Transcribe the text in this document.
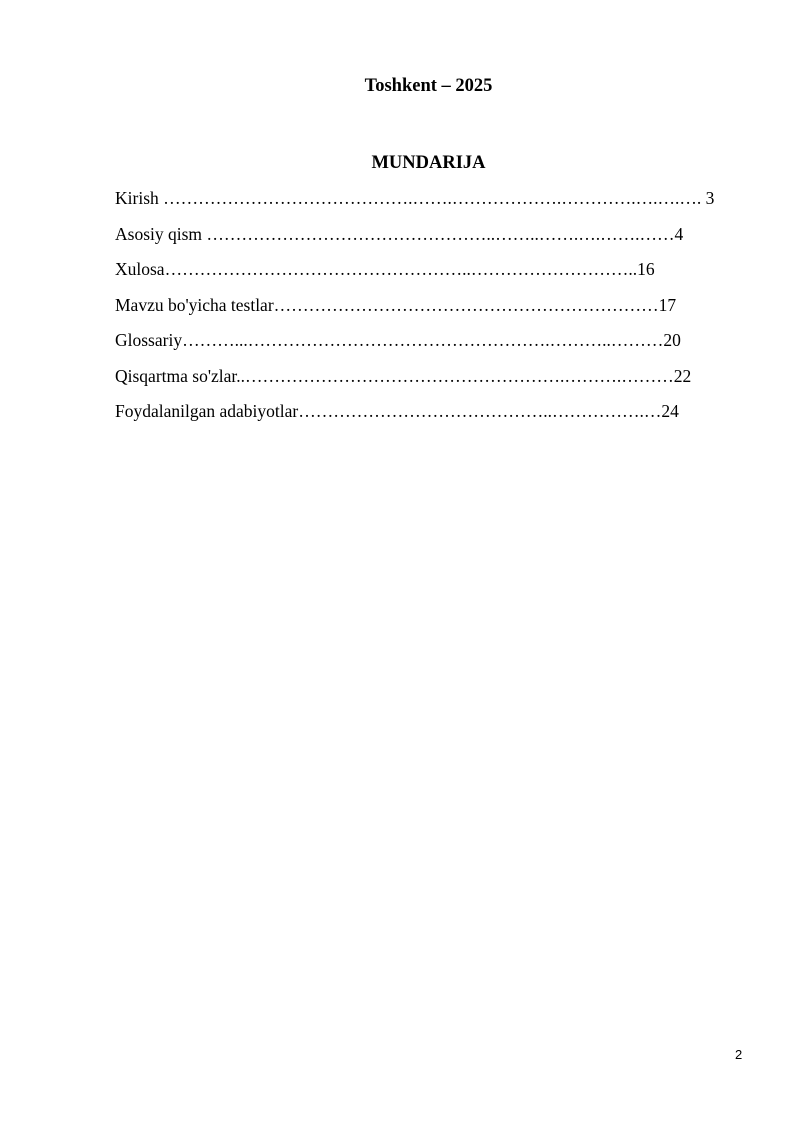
Toshkent – 2025
MUNDARIJA
Kirish …………………………………….…….……………….………….….….…. 3
Asosiy qism …………………………………………..……..…….….…….……4
Xulosa……………………………………………..………………………..16
Mavzu bo'yicha testlar…………………………………………………………17
Glossariy………...…………………………………………….………..………20
Qisqartma so'zlar..……………………………………………….……….………22
Foydalanilgan adabiyotlar……………………………………..…………….…24
2
